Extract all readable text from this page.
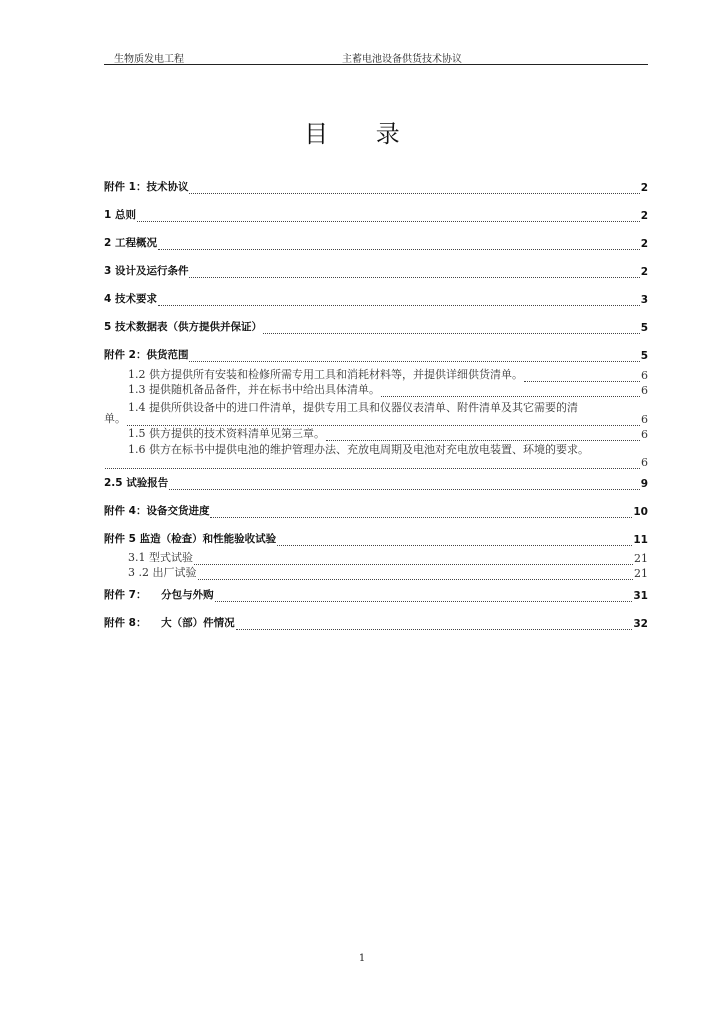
生物质发电工程	主蓄电池设备供货技术协议
目 录
附件 1：技术协议	2
1 总则	2
2 工程概况	2
3 设计及运行条件	2
4 技术要求	3
5 技术数据表（供方提供并保证）	5
附件 2：供货范围	5
1.2 供方提供所有安装和检修所需专用工具和消耗材料等，并提供详细供货清单。	6
1.3 提供随机备品备件，并在标书中给出具体清单。	6
1.4 提供所供设备中的进口件清单，提供专用工具和仪器仪表清单、附件清单及其它需要的清
单。	6
1.5 供方提供的技术资料清单见第三章。	6
1.6 供方在标书中提供电池的维护管理办法、充放电周期及电池对充电放电装置、环境的要求。
6
2.5 试验报告	9
附件 4：设备交货进度	10
附件 5 监造（检查）和性能验收试验	11
3.1 型式试验	21
3 .2 出厂试验	21
附件 7：    分包与外购	31
附件 8：    大（部）件情况	32
1
